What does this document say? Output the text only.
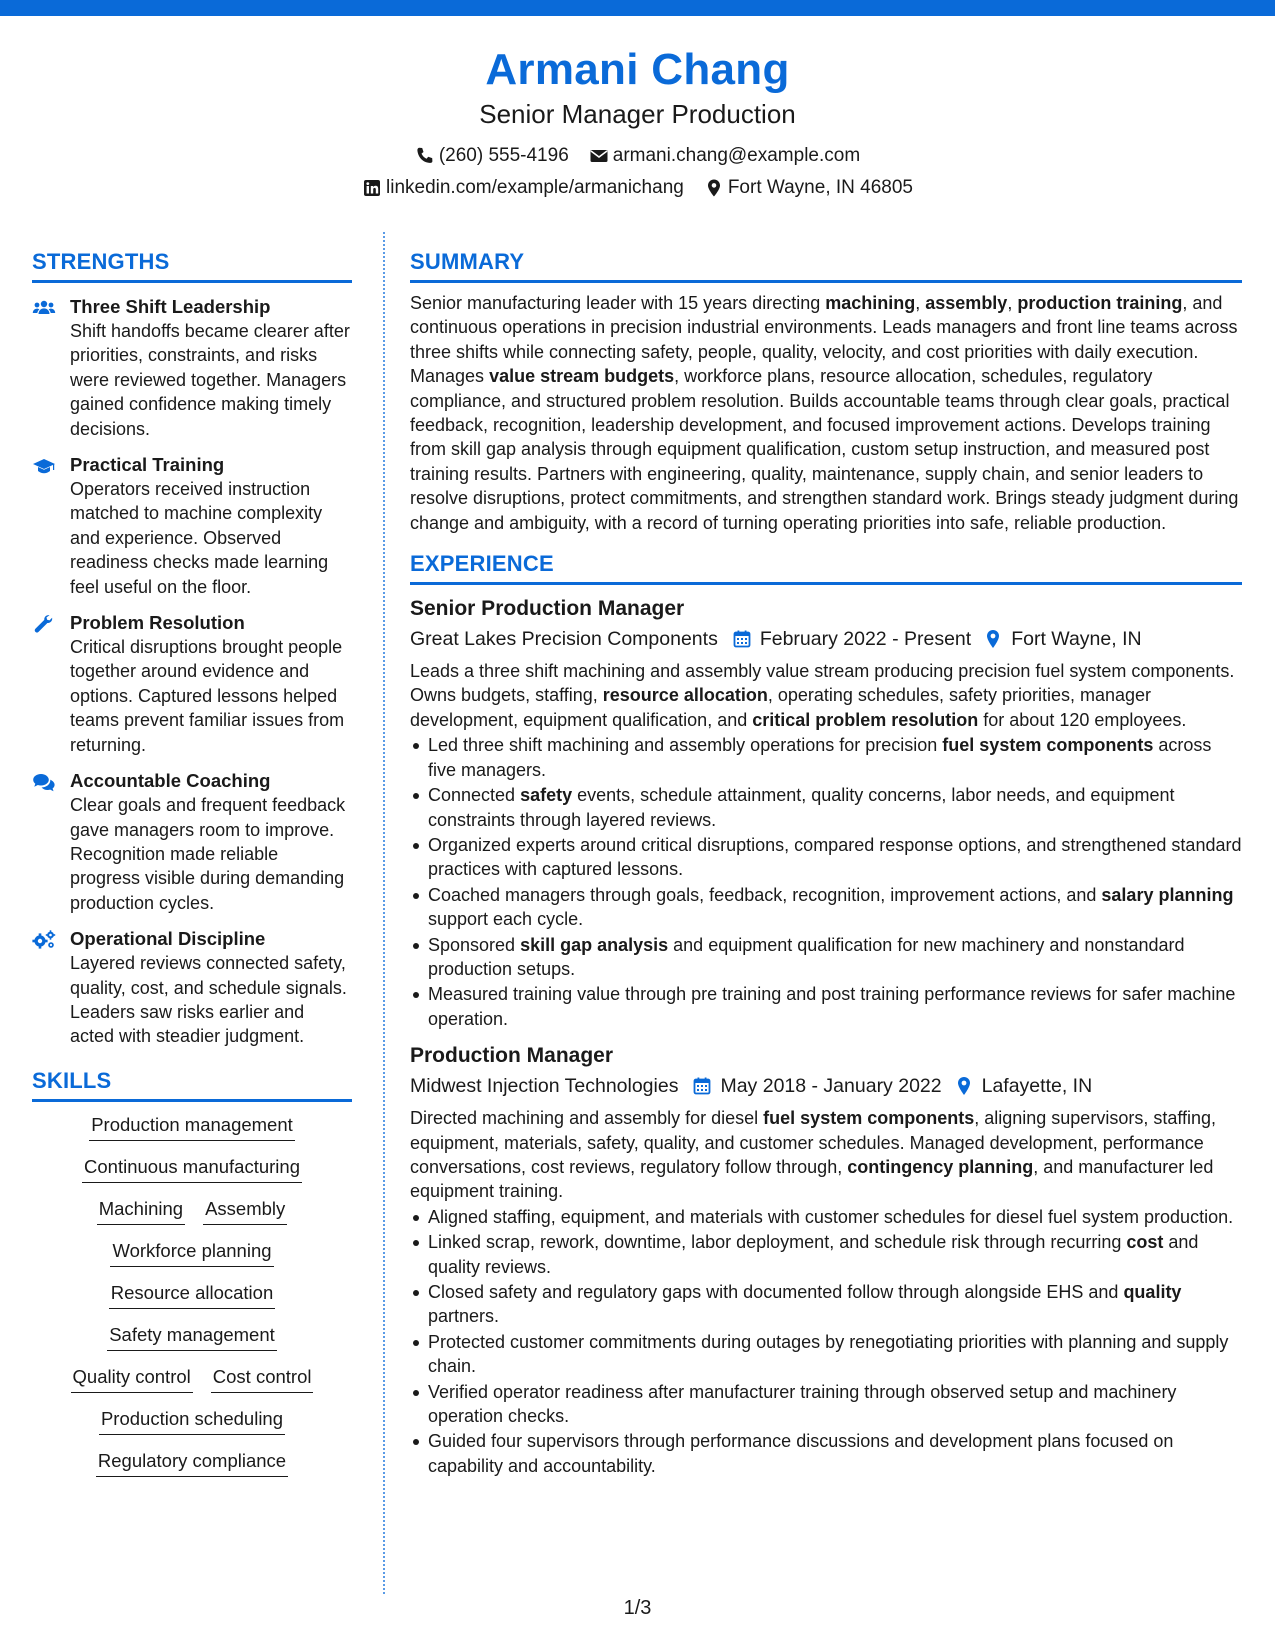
Armani Chang
Senior Manager Production
(260) 555-4196 armani.chang@example.com
linkedin.com/example/armanichang Fort Wayne, IN 46805
STRENGTHS
Three Shift Leadership
Shift handoffs became clearer after priorities, constraints, and risks were reviewed together. Managers gained confidence making timely decisions.
Practical Training
Operators received instruction matched to machine complexity and experience. Observed readiness checks made learning feel useful on the floor.
Problem Resolution
Critical disruptions brought people together around evidence and options. Captured lessons helped teams prevent familiar issues from returning.
Accountable Coaching
Clear goals and frequent feedback gave managers room to improve. Recognition made reliable progress visible during demanding production cycles.
Operational Discipline
Layered reviews connected safety, quality, cost, and schedule signals. Leaders saw risks earlier and acted with steadier judgment.
SKILLS
Production management
Continuous manufacturing
Machining Assembly
Workforce planning
Resource allocation
Safety management
Quality control Cost control
Production scheduling
Regulatory compliance
SUMMARY
Senior manufacturing leader with 15 years directing machining, assembly, production training, and continuous operations in precision industrial environments. Leads managers and front line teams across three shifts while connecting safety, people, quality, velocity, and cost priorities with daily execution. Manages value stream budgets, workforce plans, resource allocation, schedules, regulatory compliance, and structured problem resolution. Builds accountable teams through clear goals, practical feedback, recognition, leadership development, and focused improvement actions. Develops training from skill gap analysis through equipment qualification, custom setup instruction, and measured post training results. Partners with engineering, quality, maintenance, supply chain, and senior leaders to resolve disruptions, protect commitments, and strengthen standard work. Brings steady judgment during change and ambiguity, with a record of turning operating priorities into safe, reliable production.
EXPERIENCE
Senior Production Manager
Great Lakes Precision Components February 2022 - Present Fort Wayne, IN
Leads a three shift machining and assembly value stream producing precision fuel system components. Owns budgets, staffing, resource allocation, operating schedules, safety priorities, manager development, equipment qualification, and critical problem resolution for about 120 employees.
Led three shift machining and assembly operations for precision fuel system components across five managers.
Connected safety events, schedule attainment, quality concerns, labor needs, and equipment constraints through layered reviews.
Organized experts around critical disruptions, compared response options, and strengthened standard practices with captured lessons.
Coached managers through goals, feedback, recognition, improvement actions, and salary planning support each cycle.
Sponsored skill gap analysis and equipment qualification for new machinery and nonstandard production setups.
Measured training value through pre training and post training performance reviews for safer machine operation.
Production Manager
Midwest Injection Technologies May 2018 - January 2022 Lafayette, IN
Directed machining and assembly for diesel fuel system components, aligning supervisors, staffing, equipment, materials, safety, quality, and customer schedules. Managed development, performance conversations, cost reviews, regulatory follow through, contingency planning, and manufacturer led equipment training.
Aligned staffing, equipment, and materials with customer schedules for diesel fuel system production.
Linked scrap, rework, downtime, labor deployment, and schedule risk through recurring cost and quality reviews.
Closed safety and regulatory gaps with documented follow through alongside EHS and quality partners.
Protected customer commitments during outages by renegotiating priorities with planning and supply chain.
Verified operator readiness after manufacturer training through observed setup and machinery operation checks.
Guided four supervisors through performance discussions and development plans focused on capability and accountability.
1/3
